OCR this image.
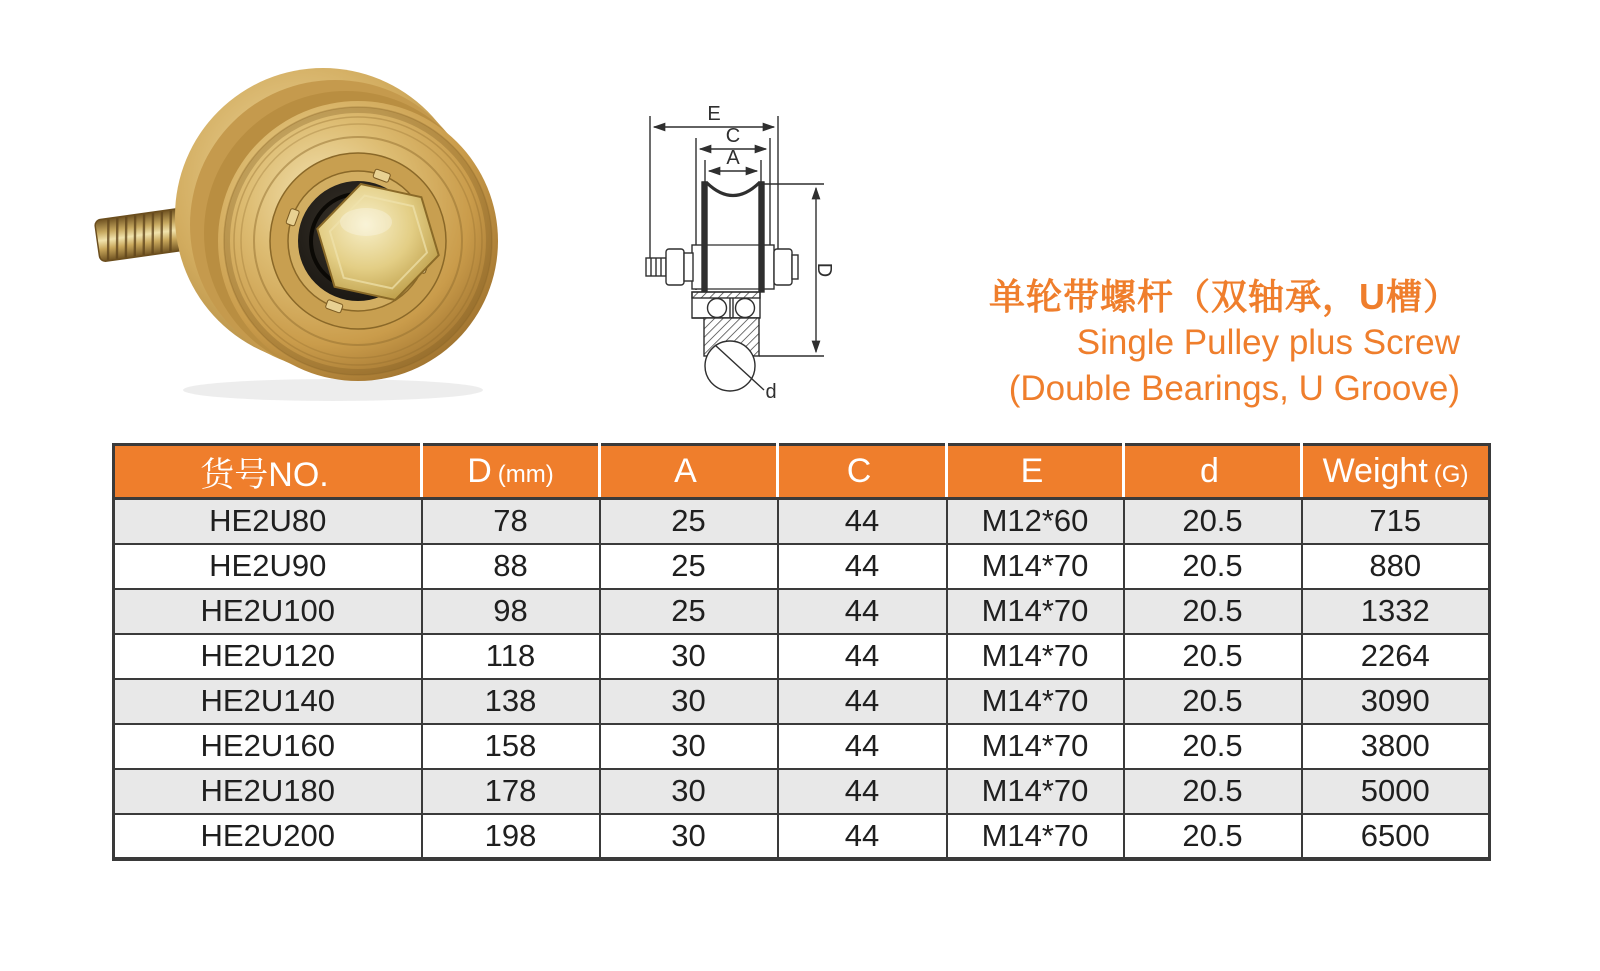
E
C
A
D
d
单轮带螺杆（双轴承，U槽）
Single Pulley plus Screw
(Double Bearings, U Groove)
货号NO.	D (mm)	A	C	E	d	Weight (G)
HE2U80	78	25	44	M12*60	20.5	715
HE2U90	88	25	44	M14*70	20.5	880
HE2U100	98	25	44	M14*70	20.5	1332
HE2U120	118	30	44	M14*70	20.5	2264
HE2U140	138	30	44	M14*70	20.5	3090
HE2U160	158	30	44	M14*70	20.5	3800
HE2U180	178	30	44	M14*70	20.5	5000
HE2U200	198	30	44	M14*70	20.5	6500
